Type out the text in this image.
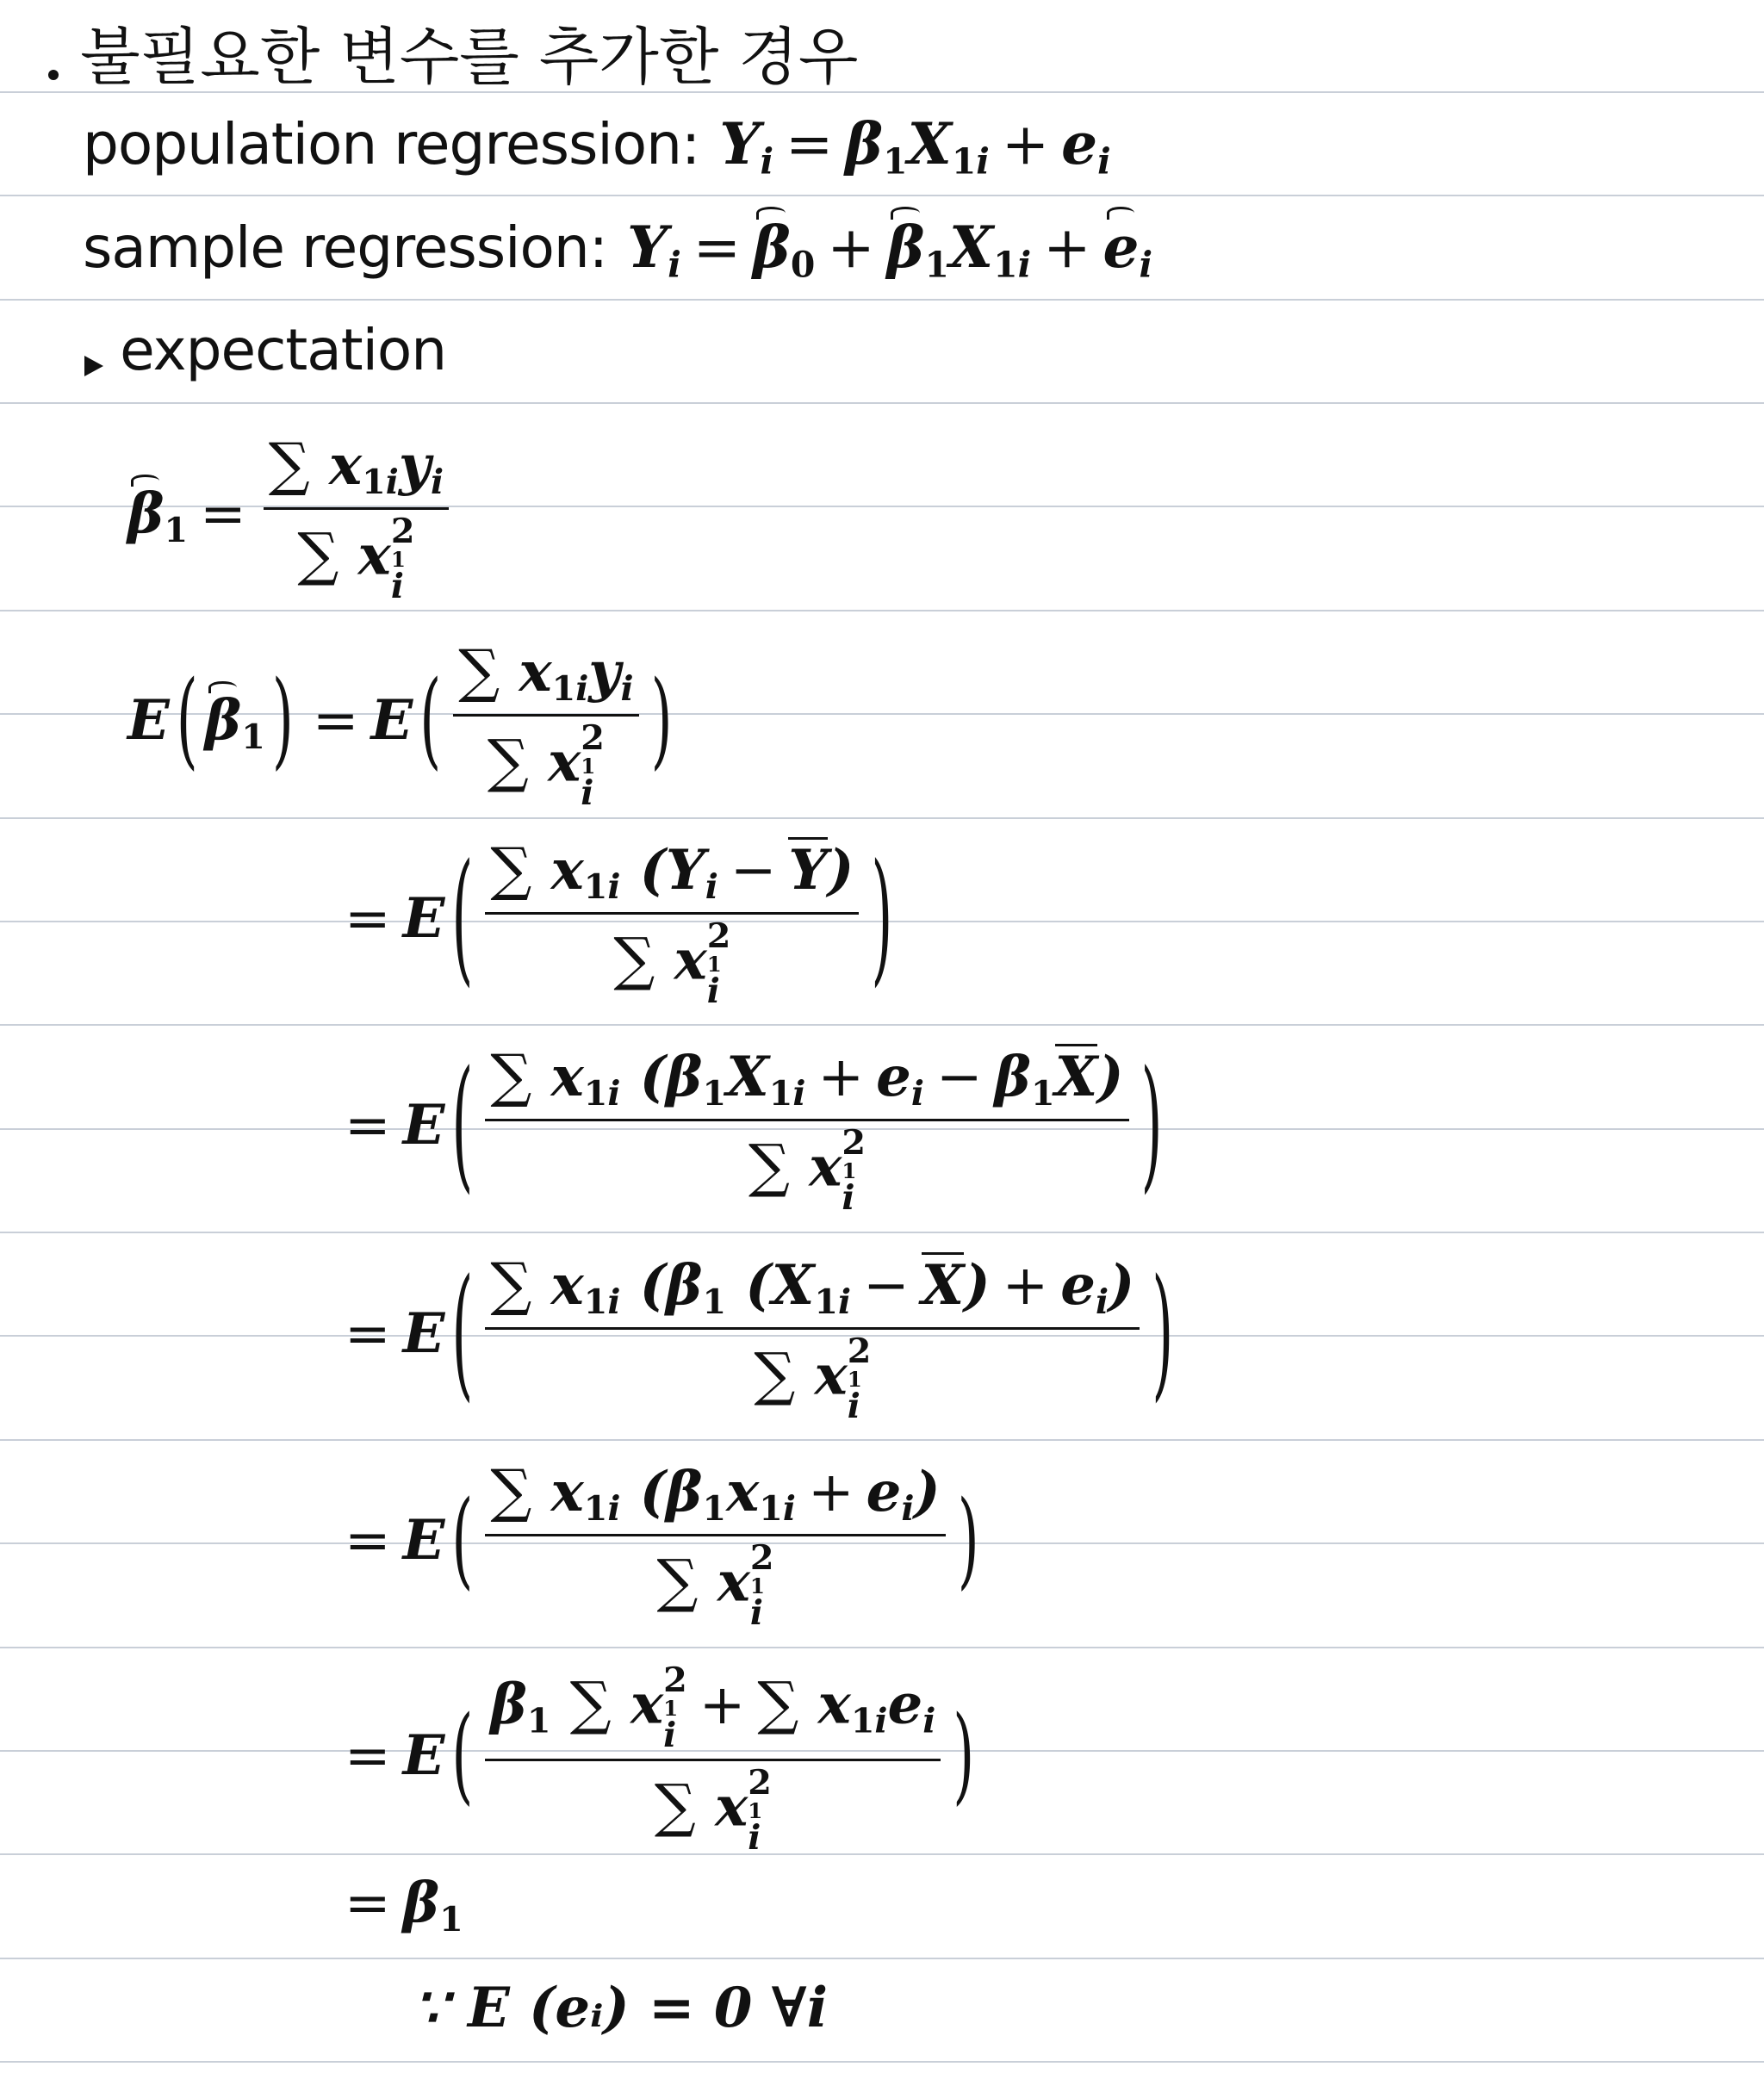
불필요한 변수를 추가한 경우
population regression: $Y_i = \beta_1X_{1i} + e_i$
sample regression: $Y_i = \beta_0 + \beta_1X_{1i} + e_i$
expectation
$\beta_1$ = ∑ $x_{1i}y_i$
∑ x 2
1
i
E ( $\beta_1$ ) = E ( ∑ $x_{1i}y_i$
∑ x 2
1
i )
= E ( ∑ $x_{1i}$ $(Y_i - Y)$
∑ x 2
1
i )
= E ( ∑ $x_{1i}$ $(\beta_1X_{1i} + e_i - \beta_1X)$
∑ x 2
1
i )
= E ( ∑ $x_{1i}$ ($\beta_1$ $(X_{1i} - X) + e_i$)
∑ x 2
1
i )
= E ( ∑ $x_{1i}$ $(\beta_1x_{1i} + e_i)$
∑ x 2
1
i )
= E ( $\beta_1$ ∑ x 2
1
i + ∑ $x_{1i}e_i$
∑ x 2
1
i )
= $\beta_1$
∵ E (eᵢ) = 0 ∀i
